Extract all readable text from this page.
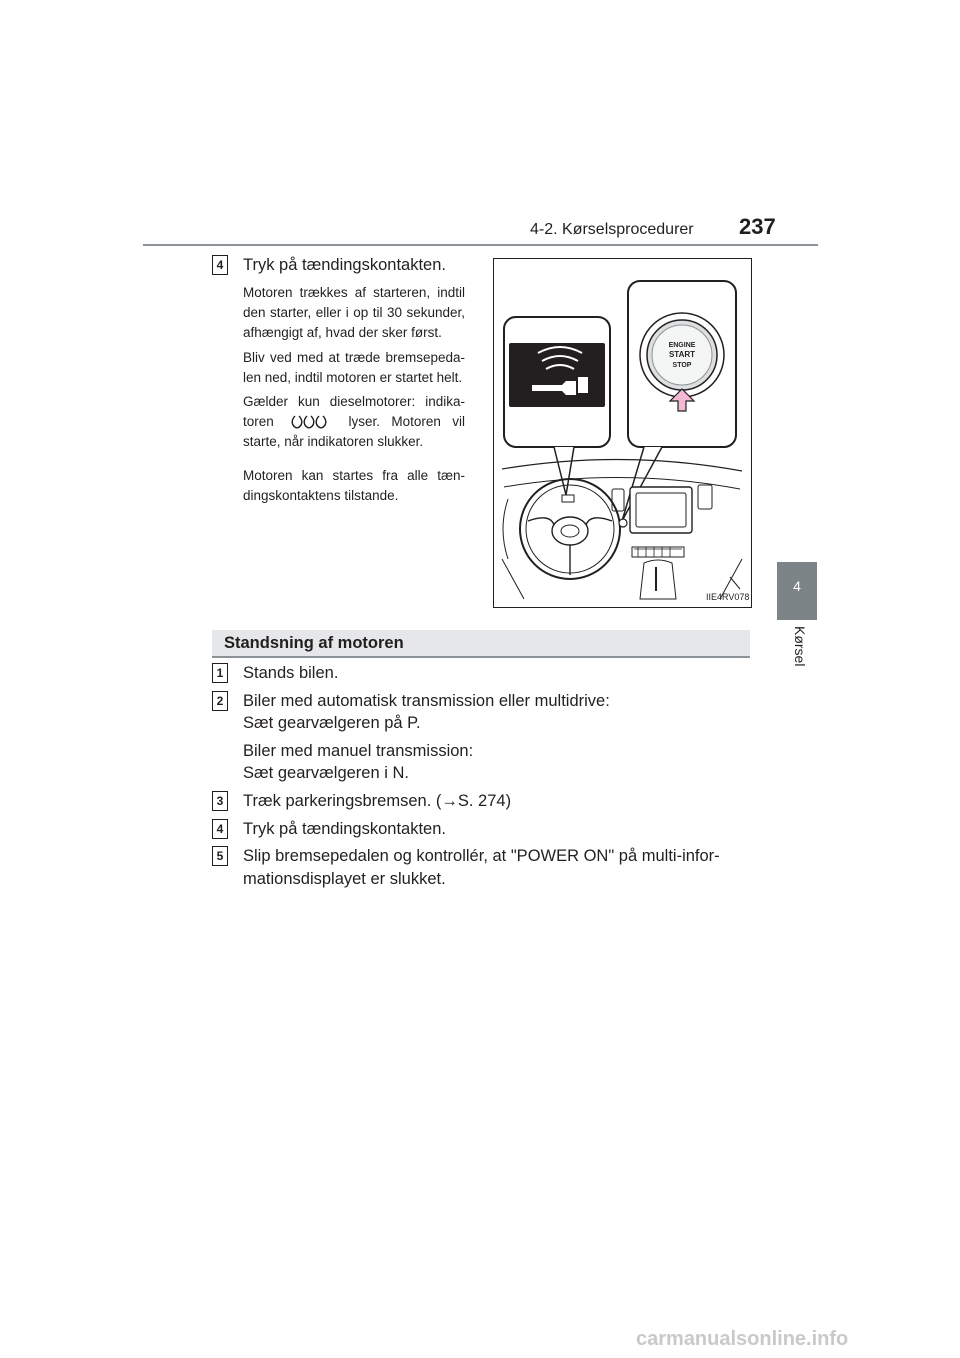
4-2. Kørselsprocedurer 237
4
Kørsel
4 Tryk på tændingskontakten.
Motoren trækkes af starteren, indtil den starter, eller i op til 30 sekunder, afhængigt af, hvad der sker først.
Bliv ved med at træde bremsepeda-len ned, indtil motoren er startet helt.
Gælder kun dieselmotorer: indika-toren	lyser. Motoren vil starte, når indikatoren slukker.
Motoren kan startes fra alle tæn-dingskontaktens tilstande.
ENGINE
START
STOP
IIE4RV078
Standsning af motoren
1 Stands bilen.
2 Biler med automatisk transmission eller multidrive:
Sæt gearvælgeren på P.
Biler med manuel transmission:
Sæt gearvælgeren i N.
3 Træk parkeringsbremsen. (→S. 274)
4 Tryk på tændingskontakten.
5 Slip bremsepedalen og kontrollér, at "POWER ON" på multi-infor-
mationsdisplayet er slukket.
carmanualsonline.info
